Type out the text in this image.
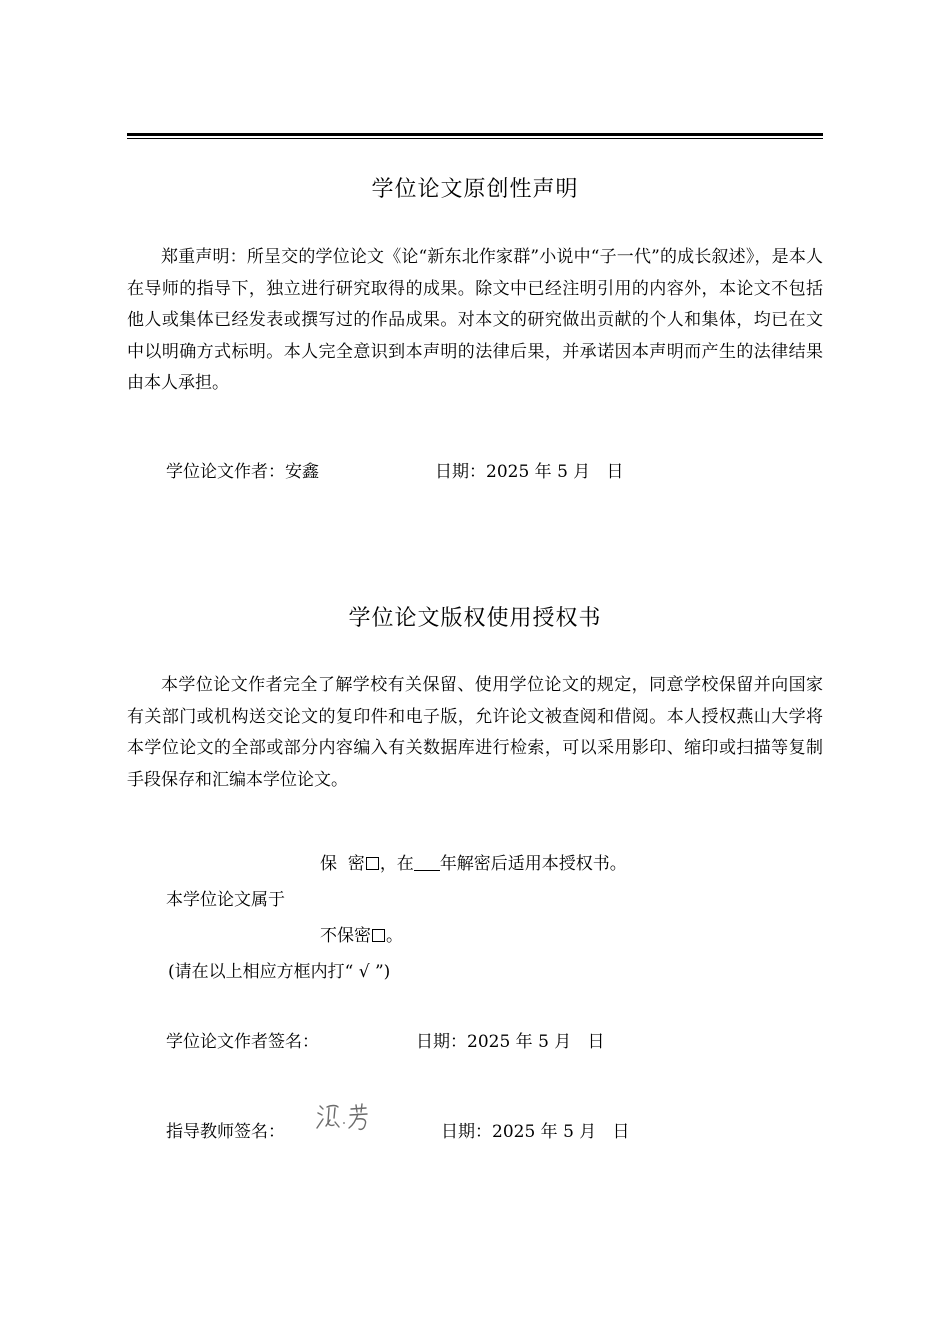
学位论文原创性声明

郑重声明：所呈交的学位论文《论“新东北作家群”小说中“子一代”的成长叙述》，是本人在导师的指导下，独立进行研究取得的成果。除文中已经注明引用的内容外，本论文不包括他人或集体已经发表或撰写过的作品成果。对本文的研究做出贡献的个人和集体，均已在文中以明确方式标明。本人完全意识到本声明的法律后果，并承诺因本声明而产生的法律结果由本人承担。

学位论文作者：安鑫	日期：2025 年 5 月   日
学位论文版权使用授权书

本学位论文作者完全了解学校有关保留、使用学位论文的规定，同意学校保留并向国家有关部门或机构送交论文的复印件和电子版，允许论文被查阅和借阅。本人授权燕山大学将本学位论文的全部或部分内容编入有关数据库进行检索，可以采用影印、缩印或扫描等复制手段保存和汇编本学位论文。

保  密 ，在 年解密后适用本授权书。
本学位论文属于
不保密 。
(请在以上相应方框内打“ √ ”)
学位论文作者签名：	日期：2025 年 5 月   日
指导教师签名：	日期：2025 年 5 月   日
